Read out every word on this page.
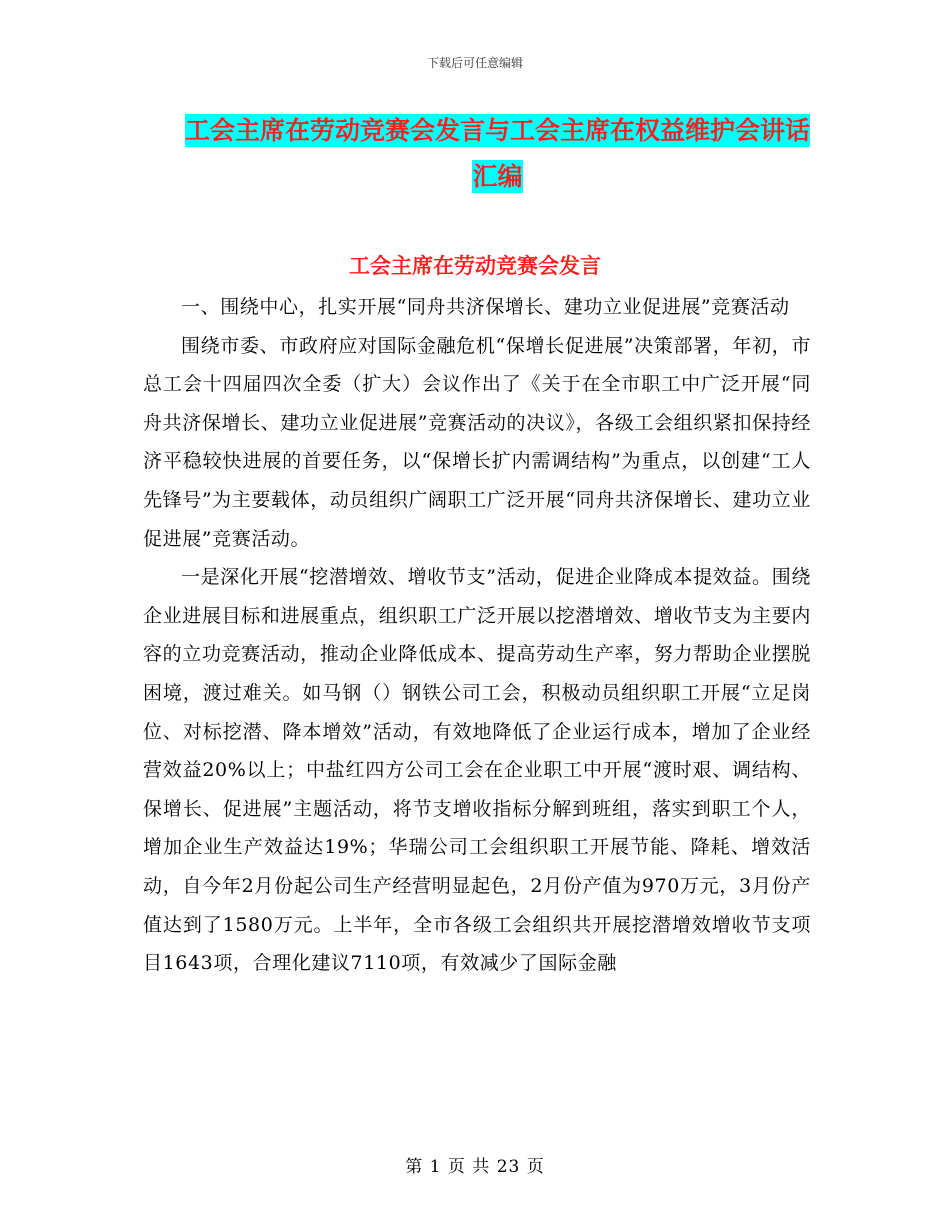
下载后可任意编辑
工会主席在劳动竞赛会发言与工会主席在权益维护会讲话汇编
工会主席在劳动竞赛会发言

一、围绕中心，扎实开展“同舟共济保增长、建功立业促进展”竞赛活动

围绕市委、市政府应对国际金融危机“保增长促进展”决策部署，年初，市总工会十四届四次全委（扩大）会议作出了《关于在全市职工中广泛开展“同舟共济保增长、建功立业促进展”竞赛活动的决议》，各级工会组织紧扣保持经济平稳较快进展的首要任务，以“保增长扩内需调结构”为重点，以创建“工人先锋号”为主要载体，动员组织广阔职工广泛开展“同舟共济保增长、建功立业促进展”竞赛活动。

一是深化开展“挖潜增效、增收节支”活动，促进企业降成本提效益。围绕企业进展目标和进展重点，组织职工广泛开展以挖潜增效、增收节支为主要内容的立功竞赛活动，推动企业降低成本、提高劳动生产率，努力帮助企业摆脱困境，渡过难关。如马钢（）钢铁公司工会，积极动员组织职工开展“立足岗位、对标挖潜、降本增效”活动，有效地降低了企业运行成本，增加了企业经营效益20%以上；中盐红四方公司工会在企业职工中开展“渡时艰、调结构、保增长、促进展”主题活动，将节支增收指标分解到班组，落实到职工个人，增加企业生产效益达19%；华瑞公司工会组织职工开展节能、降耗、增效活动，自今年2月份起公司生产经营明显起色，2月份产值为970万元，3月份产值达到了1580万元。上半年，全市各级工会组织共开展挖潜增效增收节支项目1643项，合理化建议7110项，有效减少了国际金融

第 1 页 共 23 页
